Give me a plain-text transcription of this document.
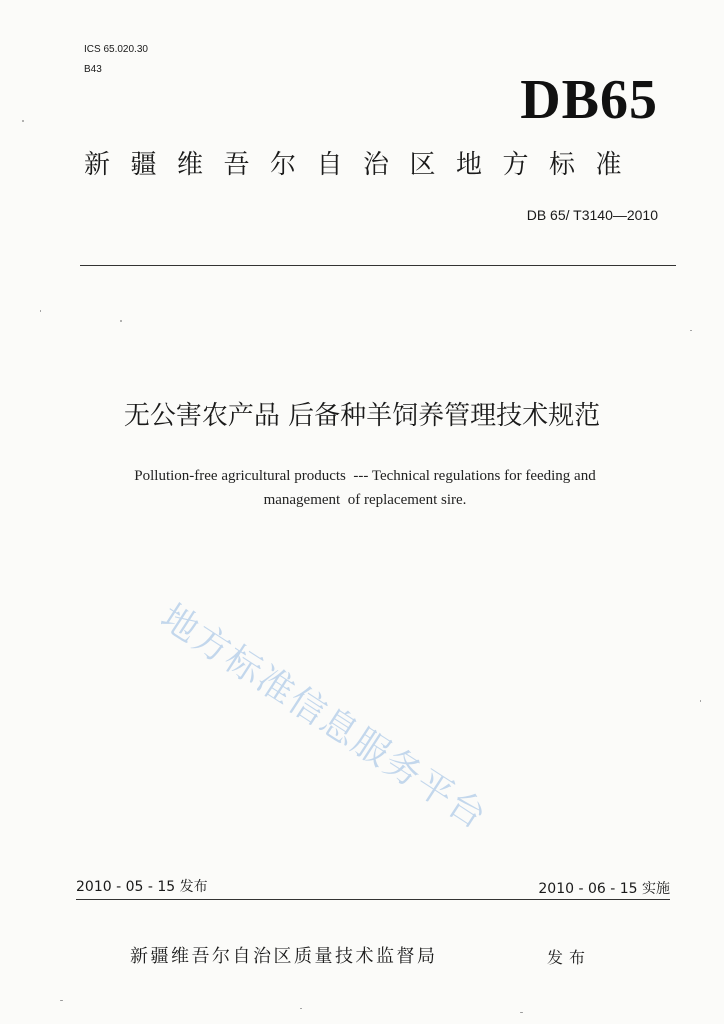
ICS 65.020.30
B43	DB65
新疆维吾尔自治区地方标准
DB 65/ T3140—2010
无公害农产品 后备种羊饲养管理技术规范
Pollution-free agricultural products  --- Technical regulations for feeding and
management  of replacement sire.
地方标准信息服务平台
2010 - 05 - 15 发布	2010 - 06 - 15 实施
新疆维吾尔自治区质量技术监督局	发布
